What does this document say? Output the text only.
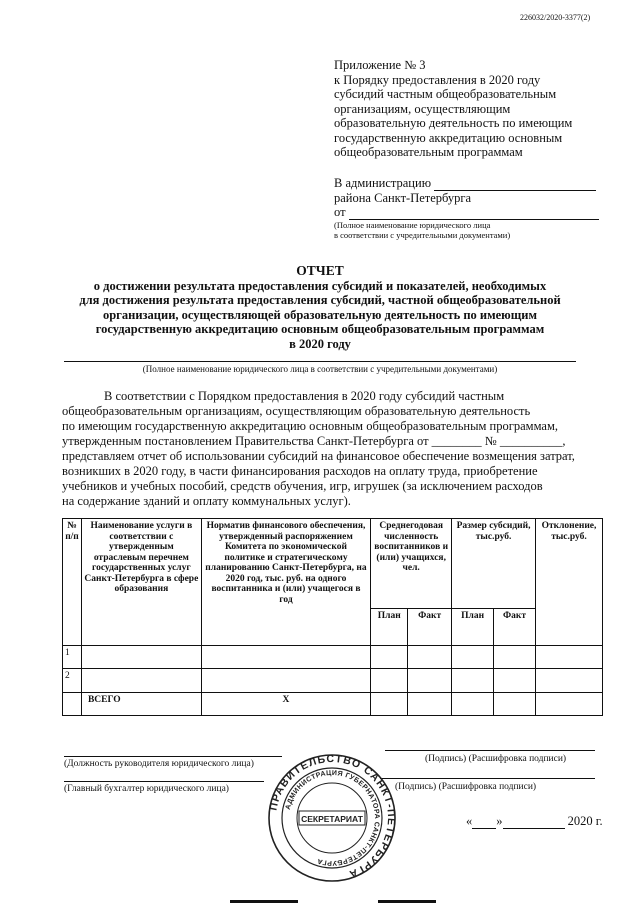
226032/2020-3377(2)
Приложение № 3
к Порядку предоставления в 2020 году
субсидий частным общеобразовательным
организациям, осуществляющим
образовательную деятельность по имеющим
государственную аккредитацию основным
общеобразовательным программам
В администрацию
района Санкт-Петербурга
от
(Полное наименование юридического лица
в соответствии с учредительными документами)
ОТЧЕТ
о достижении результата предоставления субсидий и показателей, необходимых
для достижения результата предоставления субсидий, частной общеобразовательной
организации, осуществляющей образовательную деятельность по имеющим
государственную аккредитацию основным общеобразовательным программам
в 2020 году
(Полное наименование юридического лица в соответствии с учредительными документами)

В соответствии с Порядком предоставления в 2020 году субсидий частным

общеобразовательным организациям, осуществляющим образовательную деятельность
по имеющим государственную аккредитацию основным общеобразовательным программам,
утвержденным постановлением Правительства Санкт-Петербурга от ________ № __________,
представляем отчет об использовании субсидий на финансовое обеспечение возмещения затрат,
возникших в 2020 году, в части финансирования расходов на оплату труда, приобретение
учебников и учебных пособий, средств обучения, игр, игрушек (за исключением расходов
на содержание зданий и оплату коммунальных услуг).
№ п/п	Наименование услуги в соответствии с утвержденным отраслевым перечнем государственных услуг Санкт-Петербурга в сфере образования	Норматив финансового обеспечения, утвержденный распоряжением Комитета по экономической политике и стратегическому планированию Санкт-Петербурга, на 2020 год, тыс. руб. на одного воспитанника и (или) учащегося в год	Среднегодовая численность воспитанников и (или) учащихся, чел.		Размер субсидий, тыс.руб.		Отклонение, тыс.руб.
			План	Факт	План	Факт	
1							
2							
	ВСЕГО	Х					
(Должность руководителя юридического лица)	(Подпись) (Расшифровка подписи)
(Главный бухгалтер юридического лица)	(Подпись) (Расшифровка подписи)
« »	2020 г.
ПРАВИТЕЛЬСТВО САНКТ-ПЕТЕРБУРГА
АДМИНИСТРАЦИЯ ГУБЕРНАТОРА САНКТ-ПЕТЕРБУРГА
СЕКРЕТАРИАТ
